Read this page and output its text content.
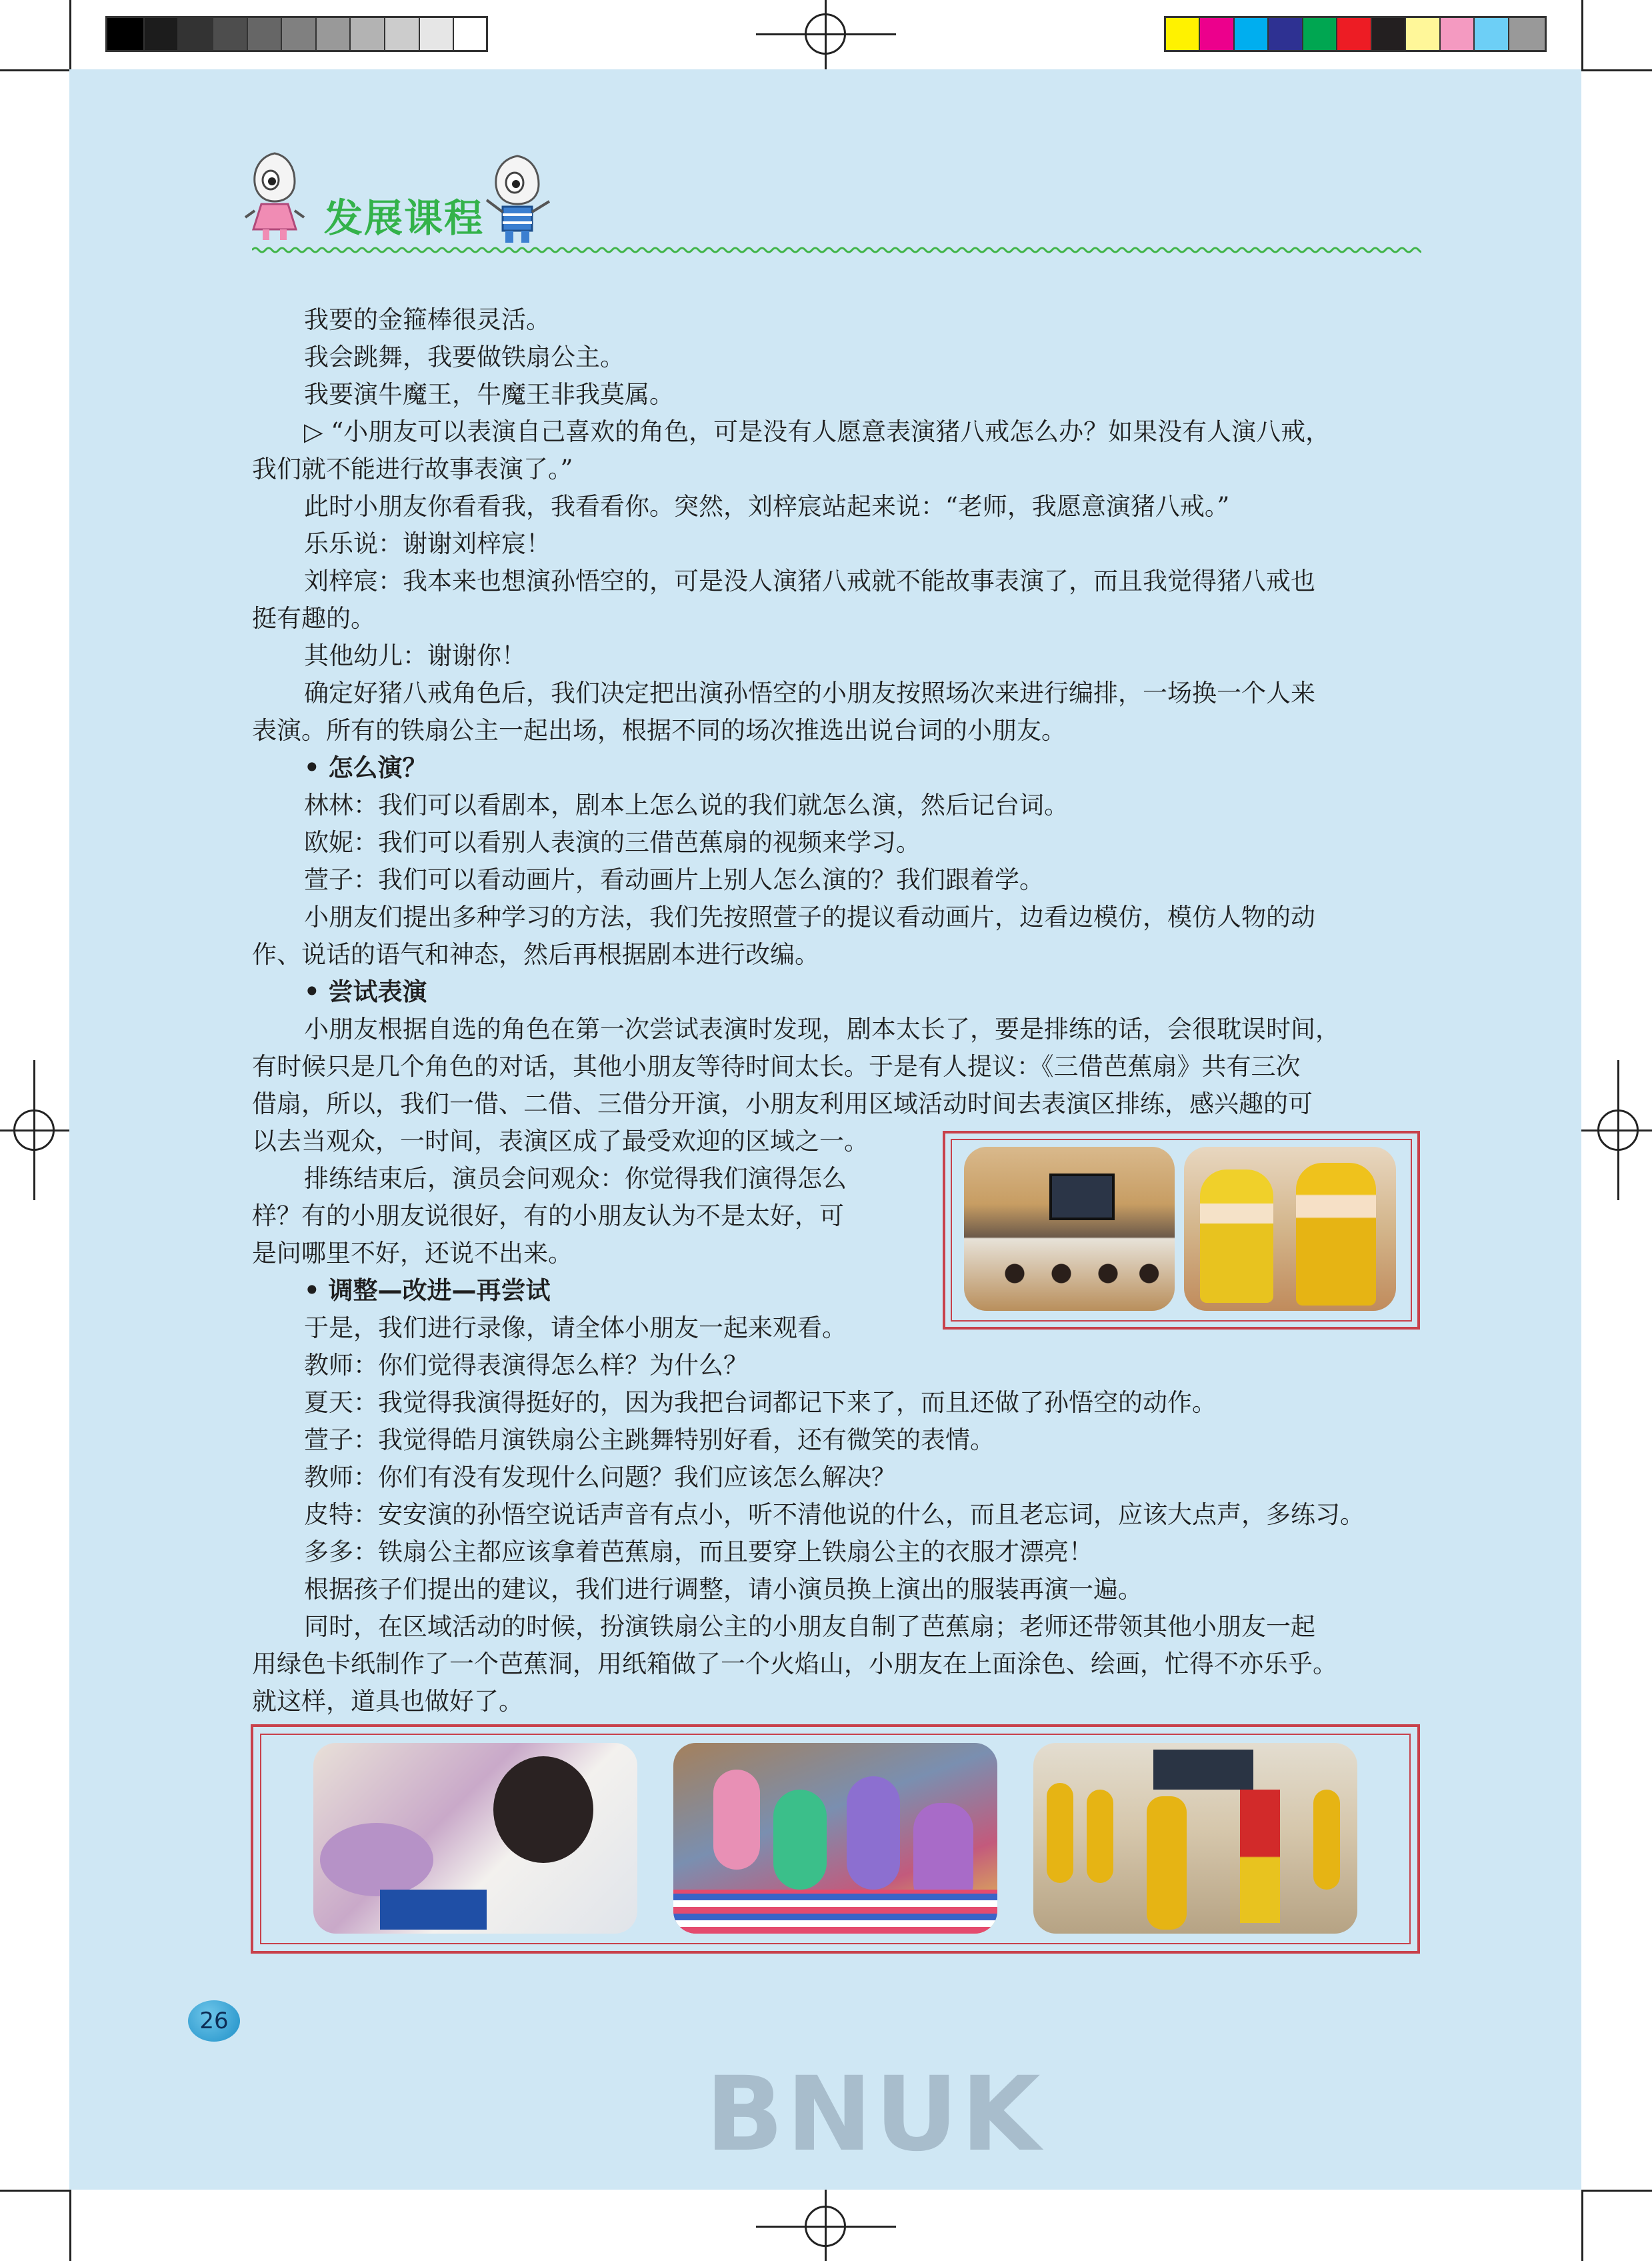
发展课程
我要的金箍棒很灵活。
我会跳舞，我要做铁扇公主。
我要演牛魔王，牛魔王非我莫属。
▷ “小朋友可以表演自己喜欢的角色，可是没有人愿意表演猪八戒怎么办？如果没有人演八戒，
我们就不能进行故事表演了。”
此时小朋友你看看我，我看看你。突然，刘梓宸站起来说：“老师，我愿意演猪八戒。”
乐乐说：谢谢刘梓宸！
刘梓宸：我本来也想演孙悟空的，可是没人演猪八戒就不能故事表演了，而且我觉得猪八戒也
挺有趣的。
其他幼儿：谢谢你！
确定好猪八戒角色后，我们决定把出演孙悟空的小朋友按照场次来进行编排，一场换一个人来
表演。所有的铁扇公主一起出场，根据不同的场次推选出说台词的小朋友。
• 怎么演？
林林：我们可以看剧本，剧本上怎么说的我们就怎么演，然后记台词。
欧妮：我们可以看别人表演的三借芭蕉扇的视频来学习。
萱子：我们可以看动画片，看动画片上别人怎么演的？我们跟着学。
小朋友们提出多种学习的方法，我们先按照萱子的提议看动画片，边看边模仿，模仿人物的动
作、说话的语气和神态，然后再根据剧本进行改编。
• 尝试表演
小朋友根据自选的角色在第一次尝试表演时发现，剧本太长了，要是排练的话，会很耽误时间，
有时候只是几个角色的对话，其他小朋友等待时间太长。于是有人提议：《三借芭蕉扇》共有三次
借扇，所以，我们一借、二借、三借分开演，小朋友利用区域活动时间去表演区排练，感兴趣的可
以去当观众，一时间，表演区成了最受欢迎的区域之一。
排练结束后，演员会问观众：你觉得我们演得怎么
样？有的小朋友说很好，有的小朋友认为不是太好，可
是问哪里不好，还说不出来。
• 调整—改进—再尝试
于是，我们进行录像，请全体小朋友一起来观看。
教师：你们觉得表演得怎么样？为什么？
夏天：我觉得我演得挺好的，因为我把台词都记下来了，而且还做了孙悟空的动作。
萱子：我觉得皓月演铁扇公主跳舞特别好看，还有微笑的表情。
教师：你们有没有发现什么问题？我们应该怎么解决？
皮特：安安演的孙悟空说话声音有点小，听不清他说的什么，而且老忘词，应该大点声，多练习。
多多：铁扇公主都应该拿着芭蕉扇，而且要穿上铁扇公主的衣服才漂亮！
根据孩子们提出的建议，我们进行调整，请小演员换上演出的服装再演一遍。
同时，在区域活动的时候，扮演铁扇公主的小朋友自制了芭蕉扇；老师还带领其他小朋友一起
用绿色卡纸制作了一个芭蕉洞，用纸箱做了一个火焰山，小朋友在上面涂色、绘画，忙得不亦乐乎。
就这样，道具也做好了。
26
BNUK
